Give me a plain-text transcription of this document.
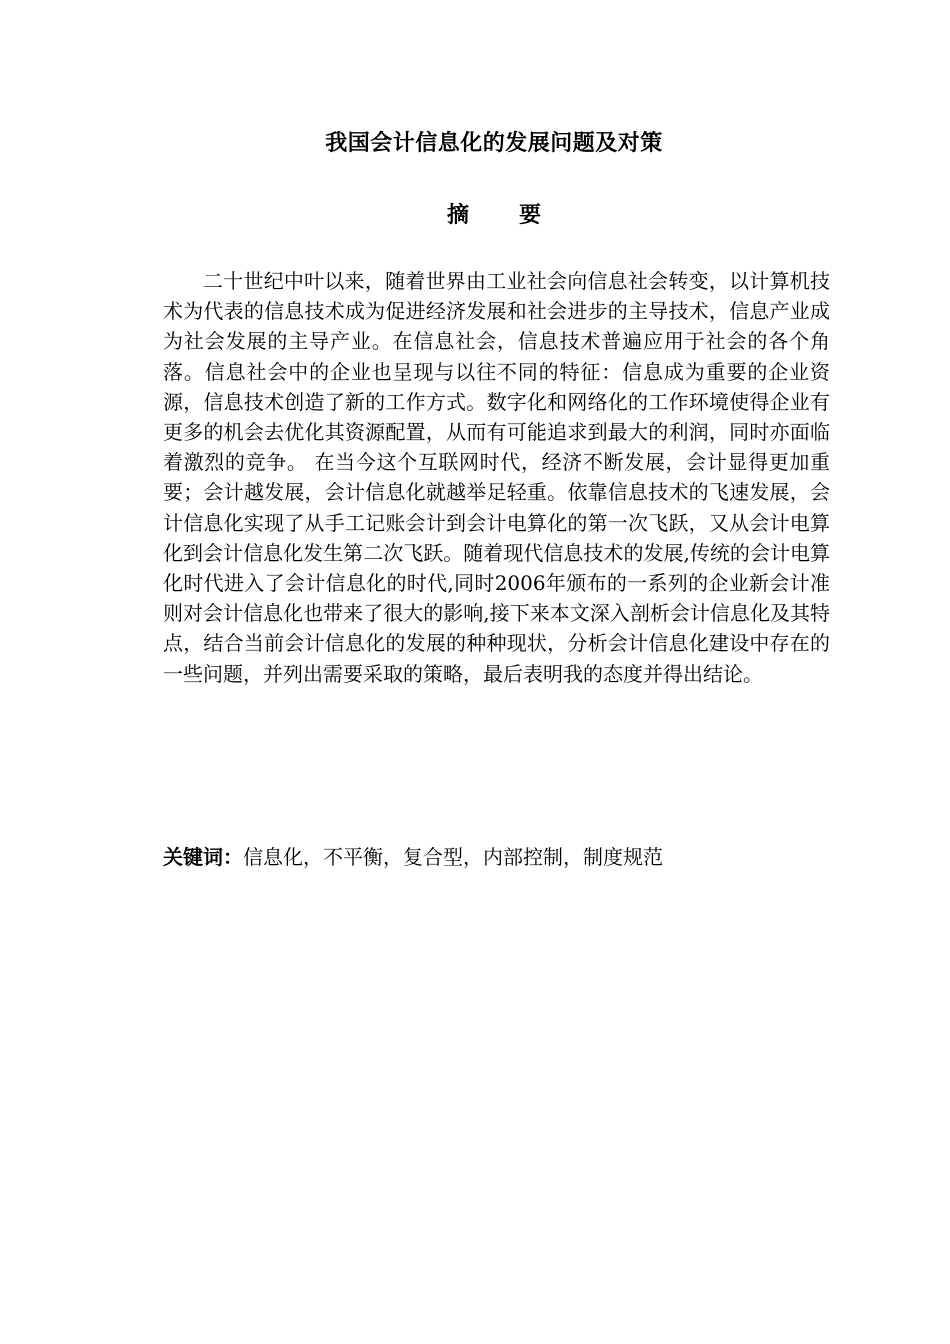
我国会计信息化的发展问题及对策
摘 要
二十世纪中叶以来，随着世界由工业社会向信息社会转变，以计算机技术为代表的信息技术成为促进经济发展和社会进步的主导技术，信息产业成为社会发展的主导产业。在信息社会，信息技术普遍应用于社会的各个角落。信息社会中的企业也呈现与以往不同的特征：信息成为重要的企业资源，信息技术创造了新的工作方式。数字化和网络化的工作环境使得企业有更多的机会去优化其资源配置，从而有可能追求到最大的利润，同时亦面临着激烈的竞争。 在当今这个互联网时代，经济不断发展，会计显得更加重要；会计越发展，会计信息化就越举足轻重。依靠信息技术的飞速发展，会计信息化实现了从手工记账会计到会计电算化的第一次飞跃，又从会计电算化到会计信息化发生第二次飞跃。随着现代信息技术的发展,传统的会计电算化时代进入了会计信息化的时代,同时2006年颁布的一系列的企业新会计准则对会计信息化也带来了很大的影响,接下来本文深入剖析会计信息化及其特点，结合当前会计信息化的发展的种种现状，分析会计信息化建设中存在的一些问题，并列出需要采取的策略，最后表明我的态度并得出结论。
关键词：信息化，不平衡，复合型，内部控制，制度规范
